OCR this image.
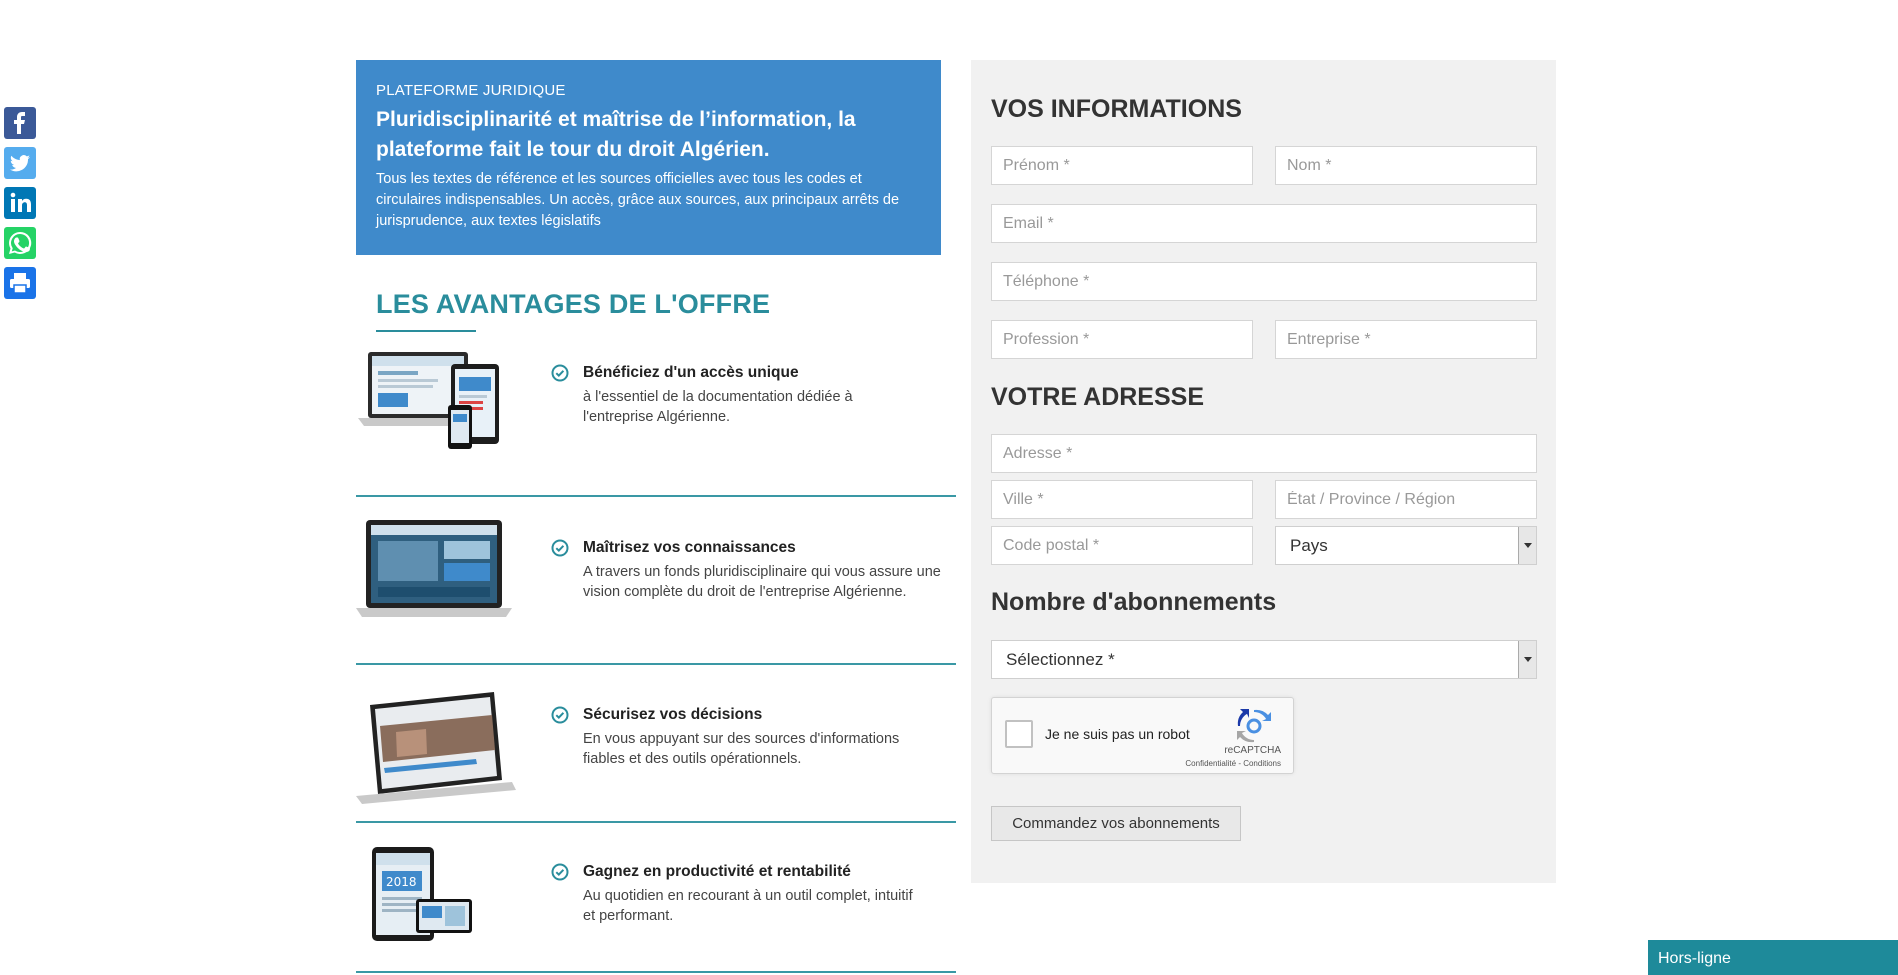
PLATEFORME JURIDIQUE
Pluridisciplinarité et maîtrise de l’information, la plateforme fait le tour du droit Algérien.
Tous les textes de référence et les sources officielles avec tous les codes et circulaires indispensables. Un accès, grâce aux sources, aux principaux arrêts de jurisprudence, aux textes législatifs
LES AVANTAGES DE L'OFFRE
Bénéficiez d'un accès unique
à l'essentiel de la documentation dédiée à l'entreprise Algérienne.
Maîtrisez vos connaissances
A travers un fonds pluridisciplinaire qui vous assure une vision complète du droit de l'entreprise Algérienne.
Sécurisez vos décisions
En vous appuyant sur des sources d'informations fiables et des outils opérationnels.
2018
Gagnez en productivité et rentabilité
Au quotidien en recourant à un outil complet, intuitif et performant.
VOS INFORMATIONS
Prénom *
Nom *
Email *
Téléphone *
Profession *
Entreprise *
VOTRE ADRESSE
Adresse *
Ville *
État / Province / Région
Code postal *
Pays
Nombre d'abonnements
Sélectionnez *
Je ne suis pas un robot
reCAPTCHA
Confidentialité - Conditions
Commandez vos abonnements
Hors-ligne
